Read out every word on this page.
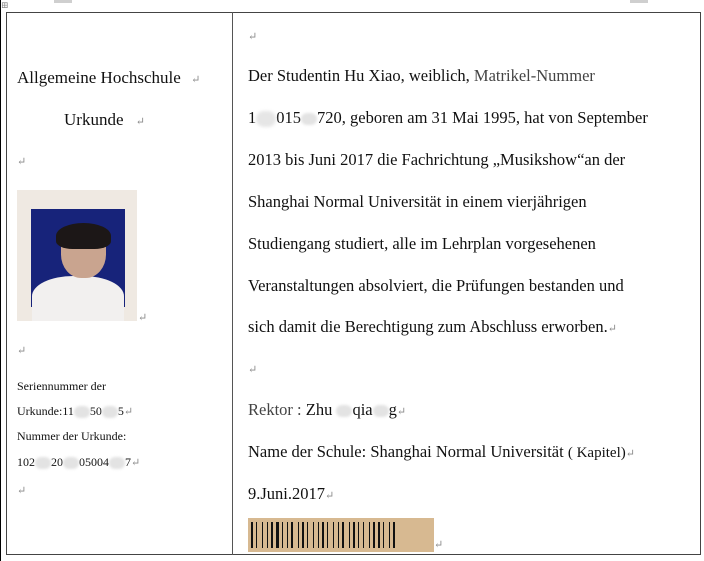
⊞
Allgemeine Hochschule ↵
Urkunde ↵
↵
↵
↵
Seriennummer der
Urkunde:11 50 5↵
Nummer der Urkunde:
102 20 05004 7↵
↵
↵
Der Studentin Hu Xiao, weiblich, Matrikel-Nummer
1 015 720, geboren am 31 Mai 1995, hat von September
2013 bis Juni 2017 die Fachrichtung „Musikshow“an der
Shanghai Normal Universität in einem vierjährigen
Studiengang studiert, alle im Lehrplan vorgesehenen
Veranstaltungen absolviert, die Prüfungen bestanden und
sich damit die Berechtigung zum Abschluss erworben.↵
↵
Rektor : Zhu qia g↵
Name der Schule: Shanghai Normal Universität ( Kapitel)↵
9.Juni.2017↵
↵
